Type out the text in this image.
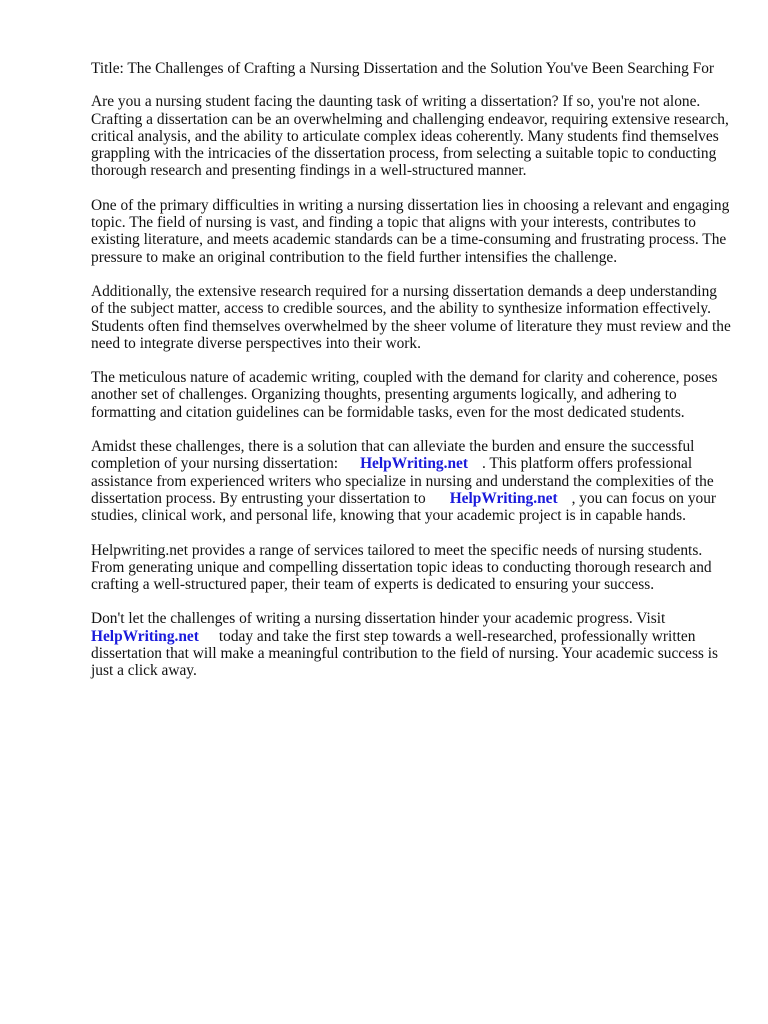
Title: The Challenges of Crafting a Nursing Dissertation and the Solution You've Been Searching For

Are you a nursing student facing the daunting task of writing a dissertation? If so, you're not alone. Crafting a dissertation can be an overwhelming and challenging endeavor, requiring extensive research, critical analysis, and the ability to articulate complex ideas coherently. Many students find themselves grappling with the intricacies of the dissertation process, from selecting a suitable topic to conducting thorough research and presenting findings in a well-structured manner.

One of the primary difficulties in writing a nursing dissertation lies in choosing a relevant and engaging topic. The field of nursing is vast, and finding a topic that aligns with your interests, contributes to existing literature, and meets academic standards can be a time-consuming and frustrating process. The pressure to make an original contribution to the field further intensifies the challenge.

Additionally, the extensive research required for a nursing dissertation demands a deep understanding of the subject matter, access to credible sources, and the ability to synthesize information effectively. Students often find themselves overwhelmed by the sheer volume of literature they must review and the need to integrate diverse perspectives into their work.

The meticulous nature of academic writing, coupled with the demand for clarity and coherence, poses another set of challenges. Organizing thoughts, presenting arguments logically, and adhering to formatting and citation guidelines can be formidable tasks, even for the most dedicated students.

Amidst these challenges, there is a solution that can alleviate the burden and ensure the successful completion of your nursing dissertation: HelpWriting.net . This platform offers professional assistance from experienced writers who specialize in nursing and understand the complexities of the dissertation process. By entrusting your dissertation to HelpWriting.net , you can focus on your studies, clinical work, and personal life, knowing that your academic project is in capable hands.

Helpwriting.net provides a range of services tailored to meet the specific needs of nursing students. From generating unique and compelling dissertation topic ideas to conducting thorough research and crafting a well-structured paper, their team of experts is dedicated to ensuring your success.

Don't let the challenges of writing a nursing dissertation hinder your academic progress. Visit HelpWriting.net today and take the first step towards a well-researched, professionally written dissertation that will make a meaningful contribution to the field of nursing. Your academic success is just a click away.
